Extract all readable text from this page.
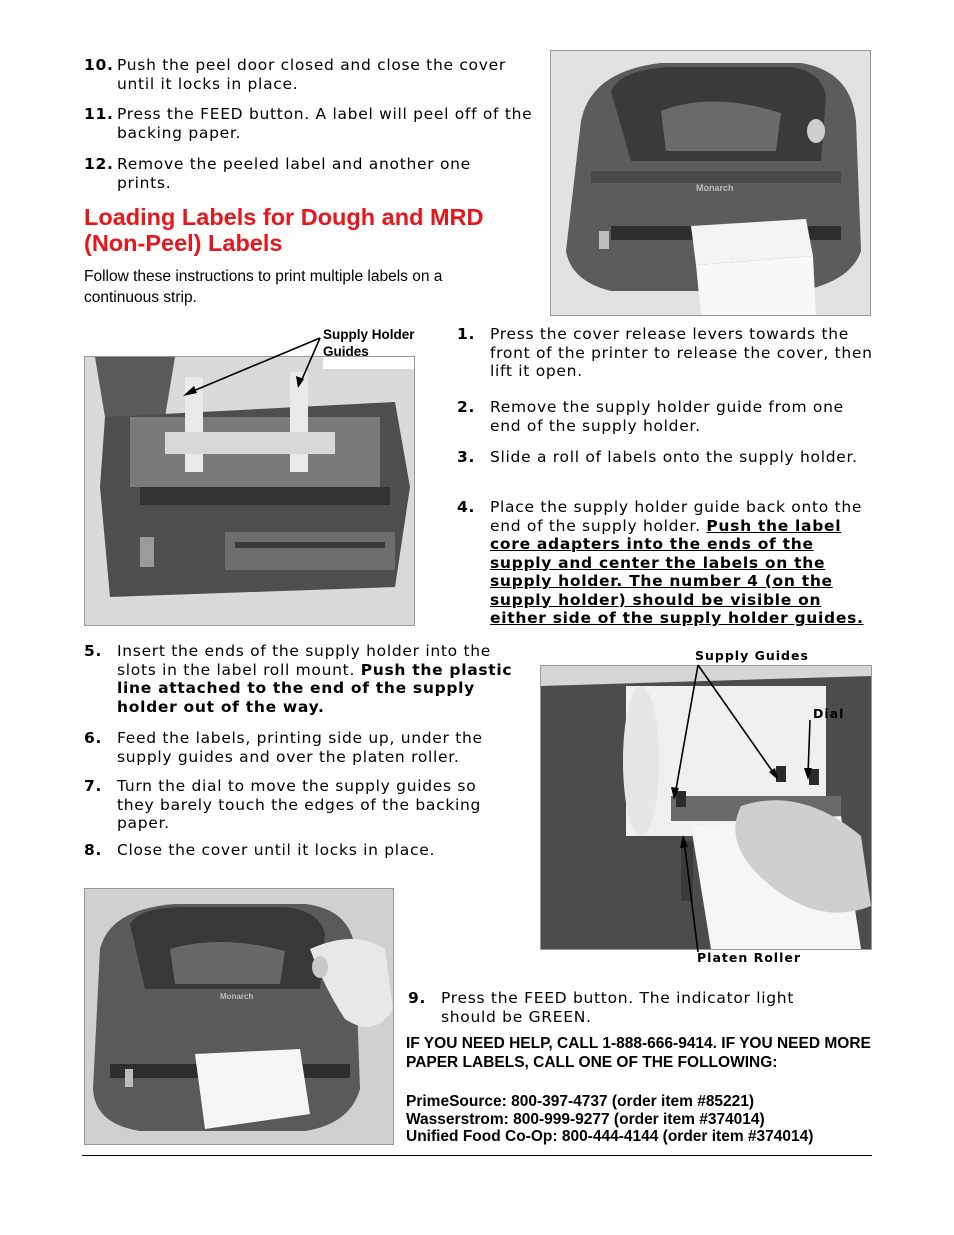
10. Push the peel door closed and close the cover until it locks in place.
11. Press the FEED button. A label will peel off of the backing paper.
12. Remove the peeled label and another one prints.
Loading Labels for Dough and MRD (Non-Peel) Labels
Follow these instructions to print multiple labels on a continuous strip.
Monarch
Supply Holder Guides
1. Press the cover release levers towards the front of the printer to release the cover, then lift it open.
2. Remove the supply holder guide from one end of the supply holder.
3. Slide a roll of labels onto the supply holder.
4. Place the supply holder guide back onto the end of the supply holder. Push the label core adapters into the ends of the supply and center the labels on the supply holder. The number 4 (on the supply holder) should be visible on either side of the supply holder guides.
5. Insert the ends of the supply holder into the slots in the label roll mount. Push the plastic line attached to the end of the supply holder out of the way.
6. Feed the labels, printing side up, under the supply guides and over the platen roller.
7. Turn the dial to move the supply guides so they barely touch the edges of the backing paper.
8. Close the cover until it locks in place.
Supply Guides
Dial
Platen Roller
Monarch	9. Press the FEED button. The indicator light should be GREEN.
IF YOU NEED HELP, CALL 1-888-666-9414. IF YOU NEED MORE PAPER LABELS, CALL ONE OF THE FOLLOWING:
PrimeSource: 800-397-4737 (order item #85221)
Wasserstrom: 800-999-9277 (order item #374014)
Unified Food Co-Op: 800-444-4144 (order item #374014)
